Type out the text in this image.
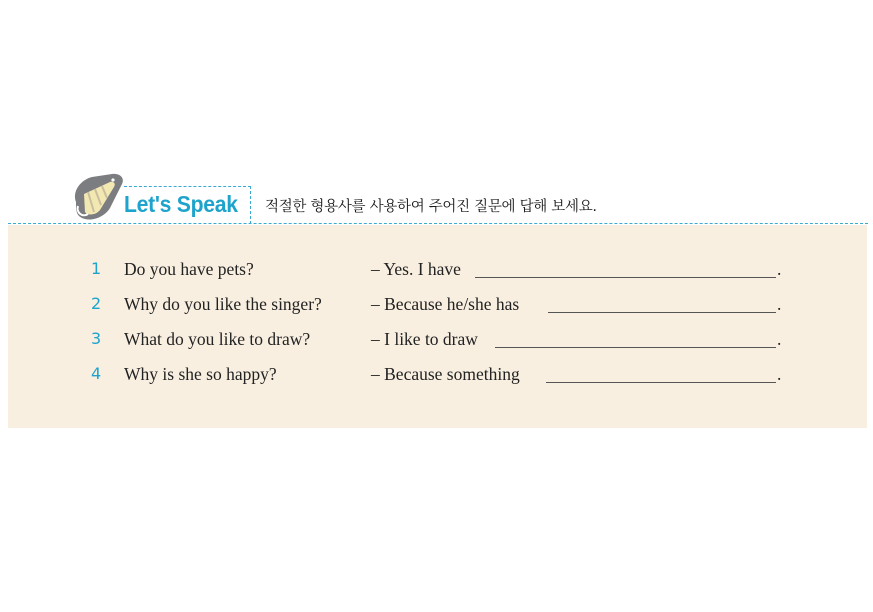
Let's Speak 적절한 형용사를 사용하여 주어진 질문에 답해 보세요.
1 Do you have pets?	– Yes. I have	.
2 Why do you like the singer?	– Because he/she has	.
3 What do you like to draw?	– I like to draw	.
4 Why is she so happy?	– Because something	.
